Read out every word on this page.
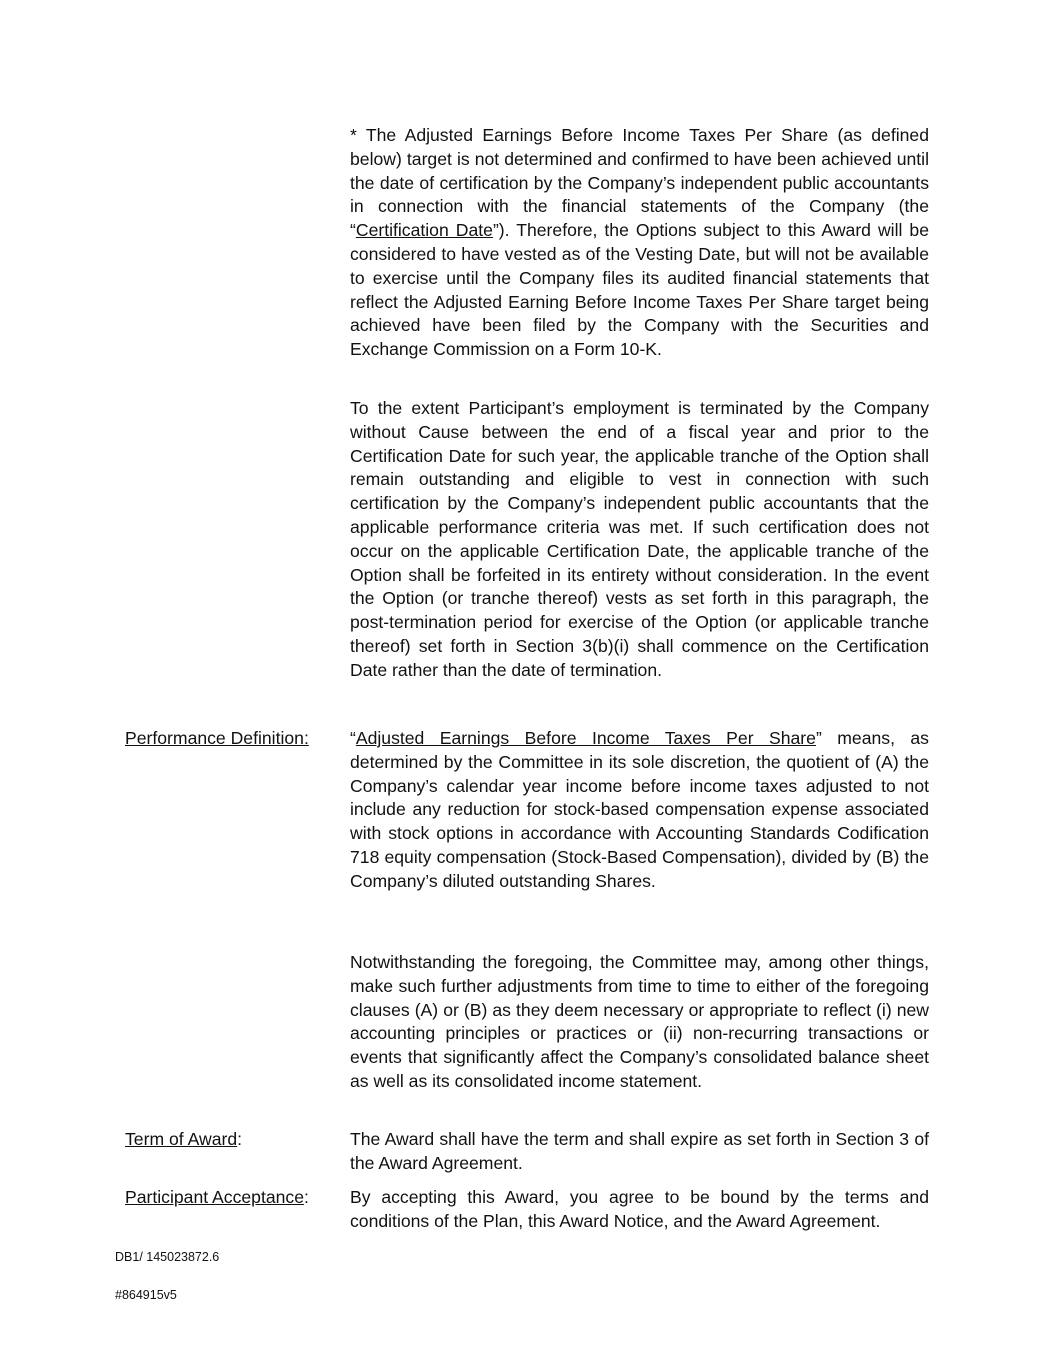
* The Adjusted Earnings Before Income Taxes Per Share (as defined below) target is not determined and confirmed to have been achieved until the date of certification by the Company’s independent public accountants in connection with the financial statements of the Company (the “Certification Date”). Therefore, the Options subject to this Award will be considered to have vested as of the Vesting Date, but will not be available to exercise until the Company files its audited financial statements that reflect the Adjusted Earning Before Income Taxes Per Share target being achieved have been filed by the Company with the Securities and Exchange Commission on a Form 10-K.

To the extent Participant’s employment is terminated by the Company without Cause between the end of a fiscal year and prior to the Certification Date for such year, the applicable tranche of the Option shall remain outstanding and eligible to vest in connection with such certification by the Company’s independent public accountants that the applicable performance criteria was met. If such certification does not occur on the applicable Certification Date, the applicable tranche of the Option shall be forfeited in its entirety without consideration. In the event the Option (or tranche thereof) vests as set forth in this paragraph, the post-termination period for exercise of the Option (or applicable tranche thereof) set forth in Section 3(b)(i) shall commence on the Certification Date rather than the date of termination.

Performance Definition: “Adjusted Earnings Before Income Taxes Per Share” means, as determined by the Committee in its sole discretion, the quotient of (A) the Company’s calendar year income before income taxes adjusted to not include any reduction for stock-based compensation expense associated with stock options in accordance with Accounting Standards Codification 718 equity compensation (Stock-Based Compensation), divided by (B) the Company’s diluted outstanding Shares.

Notwithstanding the foregoing, the Committee may, among other things, make such further adjustments from time to time to either of the foregoing clauses (A) or (B) as they deem necessary or appropriate to reflect (i) new accounting principles or practices or (ii) non-recurring transactions or events that significantly affect the Company’s consolidated balance sheet as well as its consolidated income statement.

Term of Award:	The Award shall have the term and shall expire as set forth in Section 3 of the Award Agreement.

Participant Acceptance: By accepting this Award, you agree to be bound by the terms and conditions of the Plan, this Award Notice, and the Award Agreement.

DB1/ 145023872.6
#864915v5
